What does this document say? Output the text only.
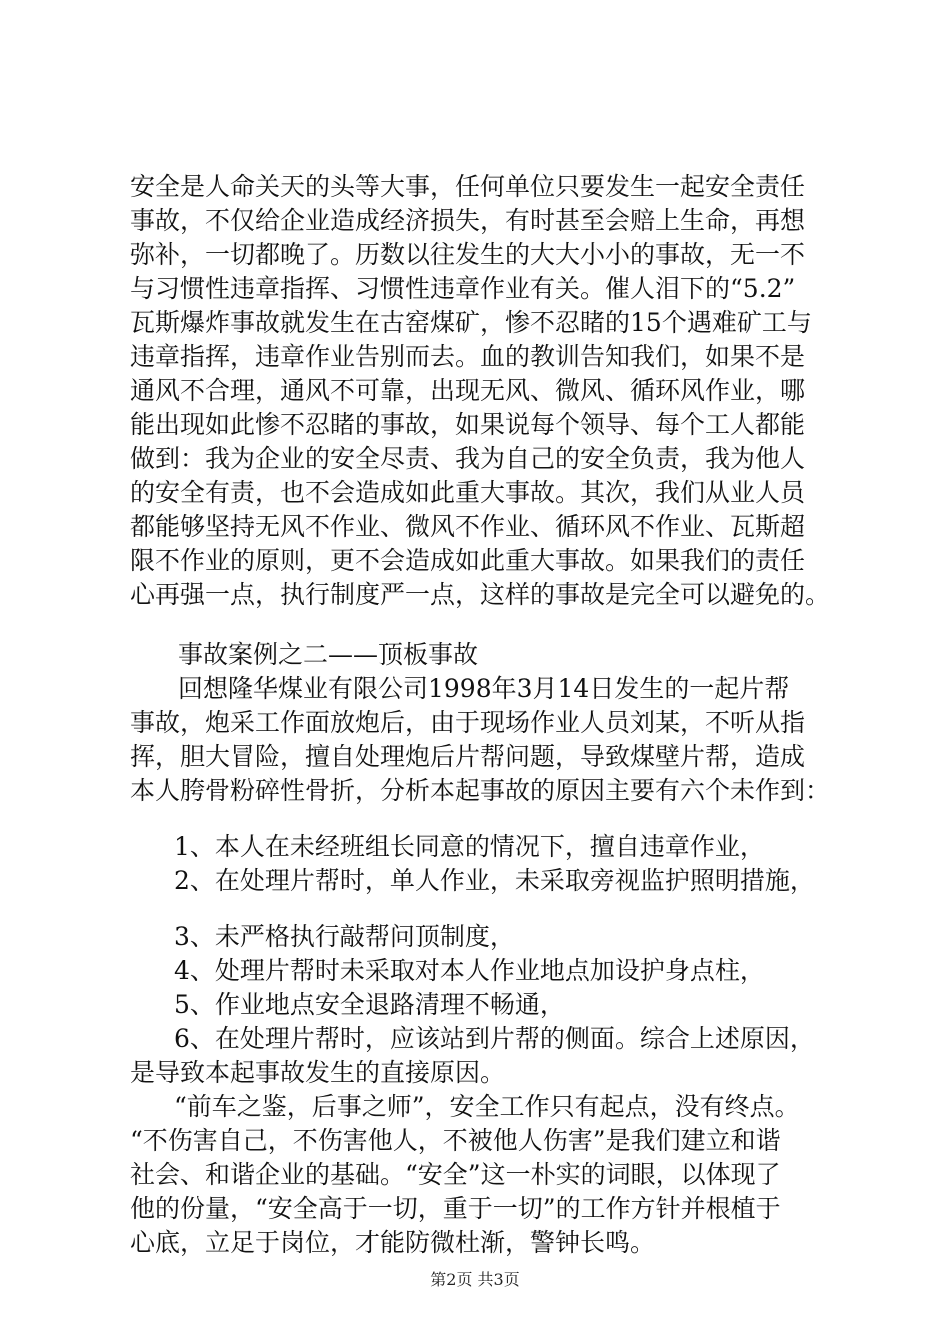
安全是人命关天的头等大事，任何单位只要发生一起安全责任
事故，不仅给企业造成经济损失，有时甚至会赔上生命，再想
弥补，一切都晚了。历数以往发生的大大小小的事故，无一不
与习惯性违章指挥、习惯性违章作业有关。催人泪下的“5.2”
瓦斯爆炸事故就发生在古窑煤矿，惨不忍睹的15个遇难矿工与
违章指挥，违章作业告别而去。血的教训告知我们，如果不是
通风不合理，通风不可靠，出现无风、微风、循环风作业，哪
能出现如此惨不忍睹的事故，如果说每个领导、每个工人都能
做到：我为企业的安全尽责、我为自己的安全负责，我为他人
的安全有责，也不会造成如此重大事故。其次，我们从业人员
都能够坚持无风不作业、微风不作业、循环风不作业、瓦斯超
限不作业的原则，更不会造成如此重大事故。如果我们的责任
心再强一点，执行制度严一点，这样的事故是完全可以避免的。
事故案例之二——顶板事故
回想隆华煤业有限公司1998年3月14日发生的一起片帮
事故，炮采工作面放炮后，由于现场作业人员刘某，不听从指
挥，胆大冒险，擅自处理炮后片帮问题，导致煤壁片帮，造成
本人胯骨粉碎性骨折，分析本起事故的原因主要有六个未作到：
1、本人在未经班组长同意的情况下，擅自违章作业，
2、在处理片帮时，单人作业，未采取旁视监护照明措施，
3、未严格执行敲帮问顶制度，
4、处理片帮时未采取对本人作业地点加设护身点柱，
5、作业地点安全退路清理不畅通，
6、在处理片帮时，应该站到片帮的侧面。综合上述原因，
是导致本起事故发生的直接原因。
“前车之鉴，后事之师”，安全工作只有起点，没有终点。
“不伤害自己，不伤害他人，不被他人伤害”是我们建立和谐
社会、和谐企业的基础。“安全”这一朴实的词眼，以体现了
他的份量，“安全高于一切，重于一切”的工作方针并根植于
心底，立足于岗位，才能防微杜渐，警钟长鸣。
第2页 共3页
